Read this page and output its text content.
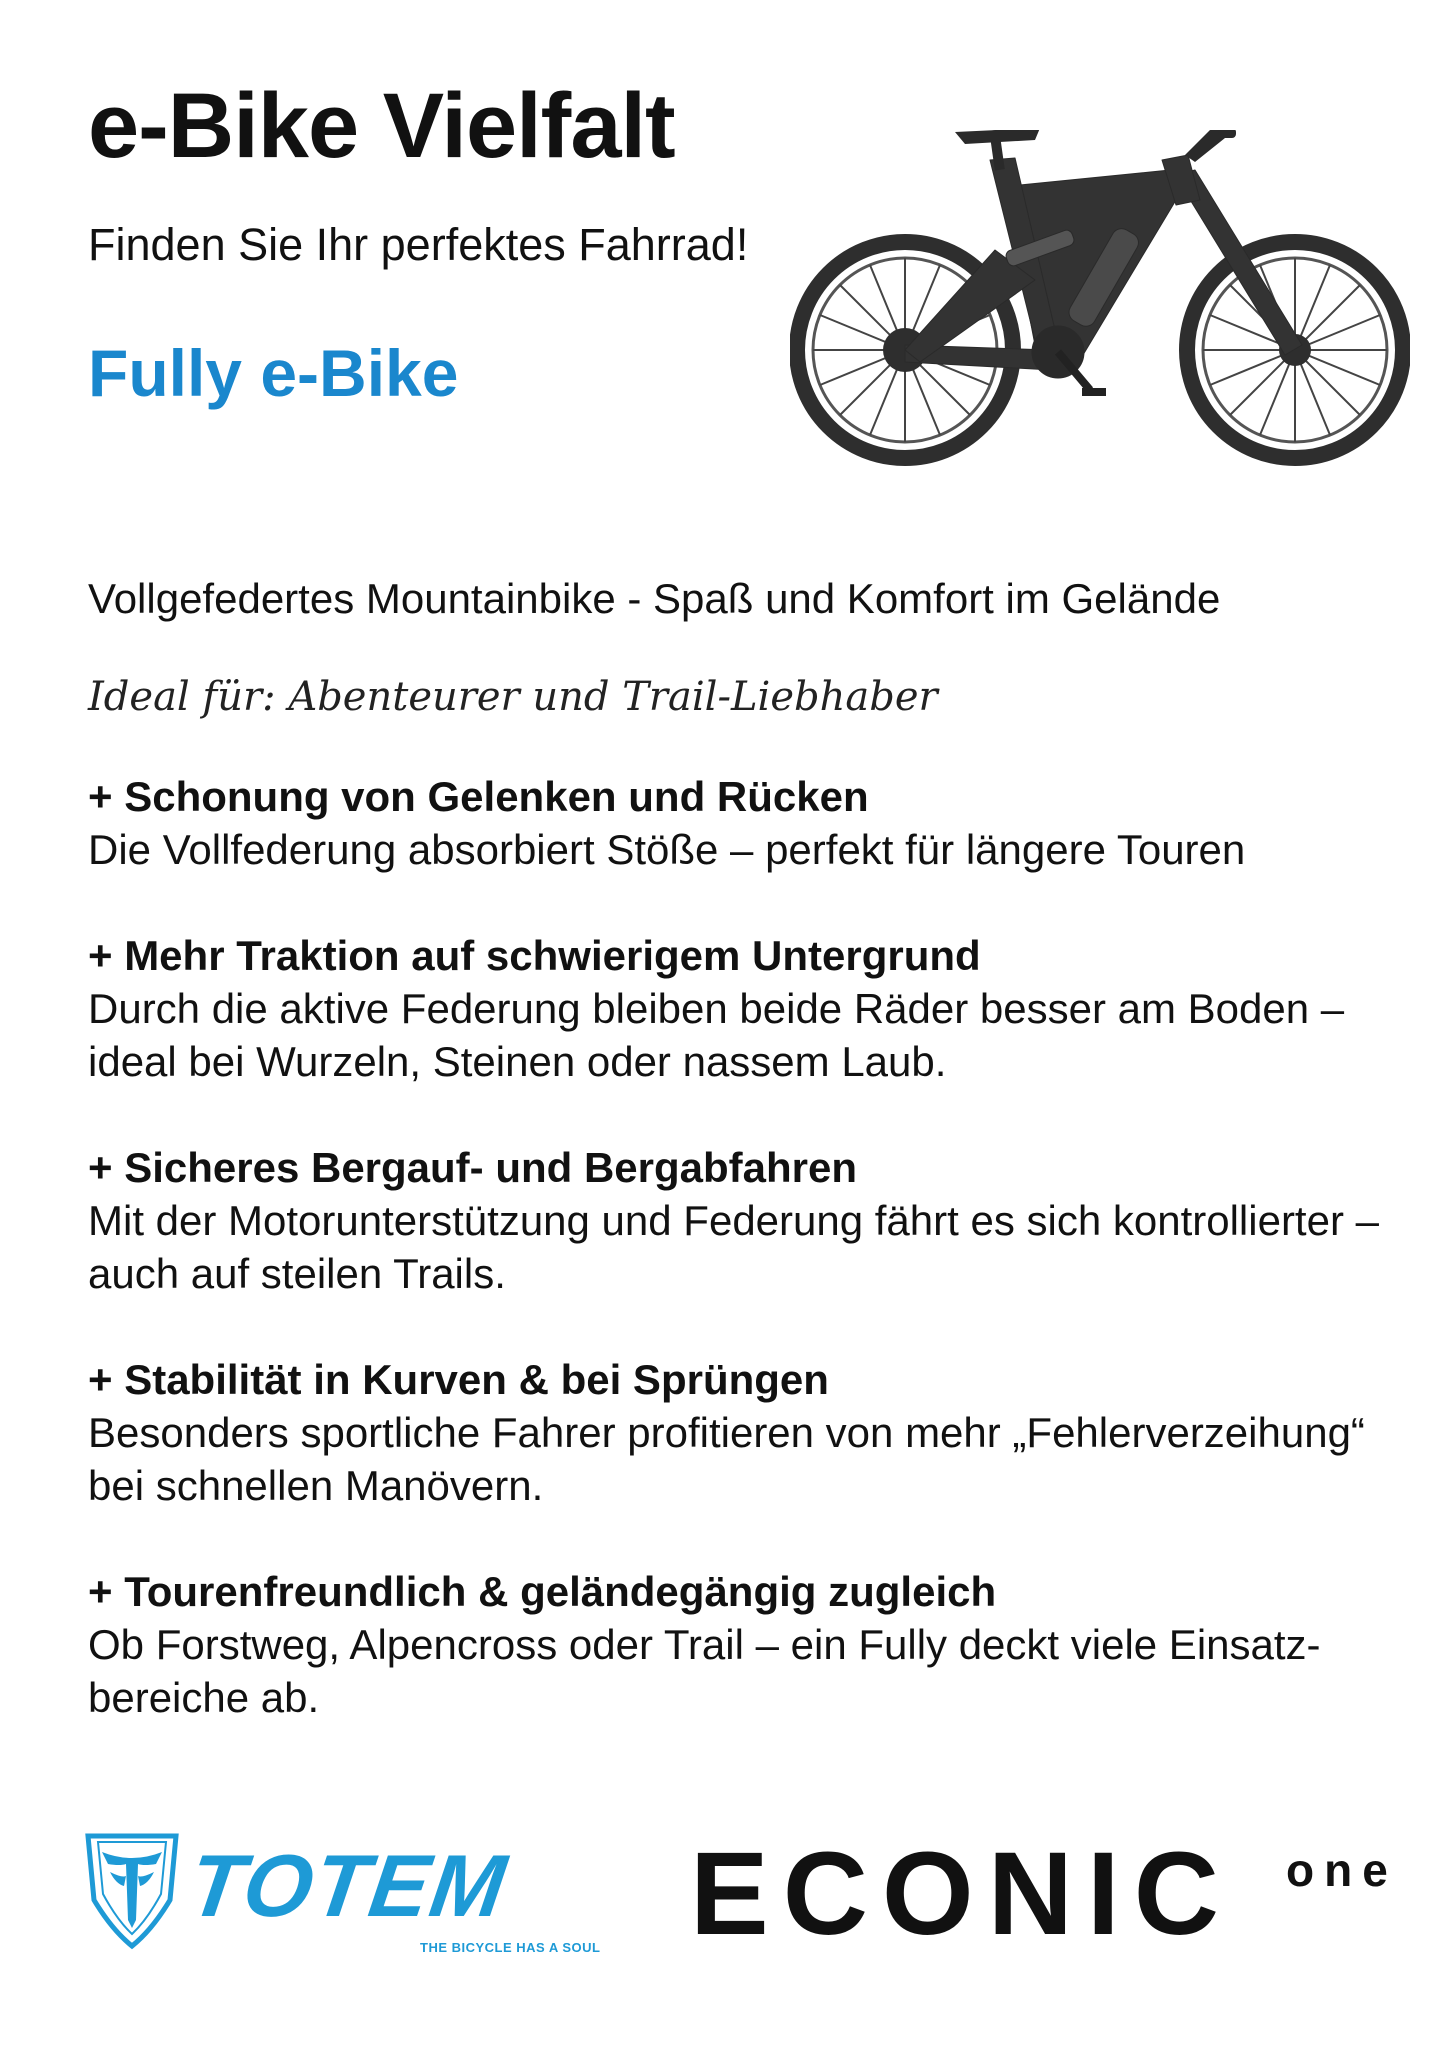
e-Bike Vielfalt
Finden Sie Ihr perfektes Fahrrad!
Fully e-Bike

Vollgefedertes Mountainbike - Spaß und Komfort im Gelände

Ideal für: Abenteurer und Trail-Liebhaber

+ Schonung von Gelenken und Rücken
Die Vollfederung absorbiert Stöße – perfekt für längere Touren
+ Mehr Traktion auf schwierigem Untergrund
Durch die aktive Federung bleiben beide Räder besser am Boden – ideal bei Wurzeln, Steinen oder nassem Laub.
+ Sicheres Bergauf- und Bergabfahren
Mit der Motorunterstützung und Federung fährt es sich kontrollierter – auch auf steilen Trails.
+ Stabilität in Kurven & bei Sprüngen
Besonders sportliche Fahrer profitieren von mehr „Fehlerverzeihung“ bei schnellen Manövern.
+ Tourenfreundlich & geländegängig zugleich
Ob Forstweg, Alpencross oder Trail – ein Fully deckt viele Einsatz-bereiche ab.
TOTEM
THE BICYCLE HAS A SOUL ECONIC one
